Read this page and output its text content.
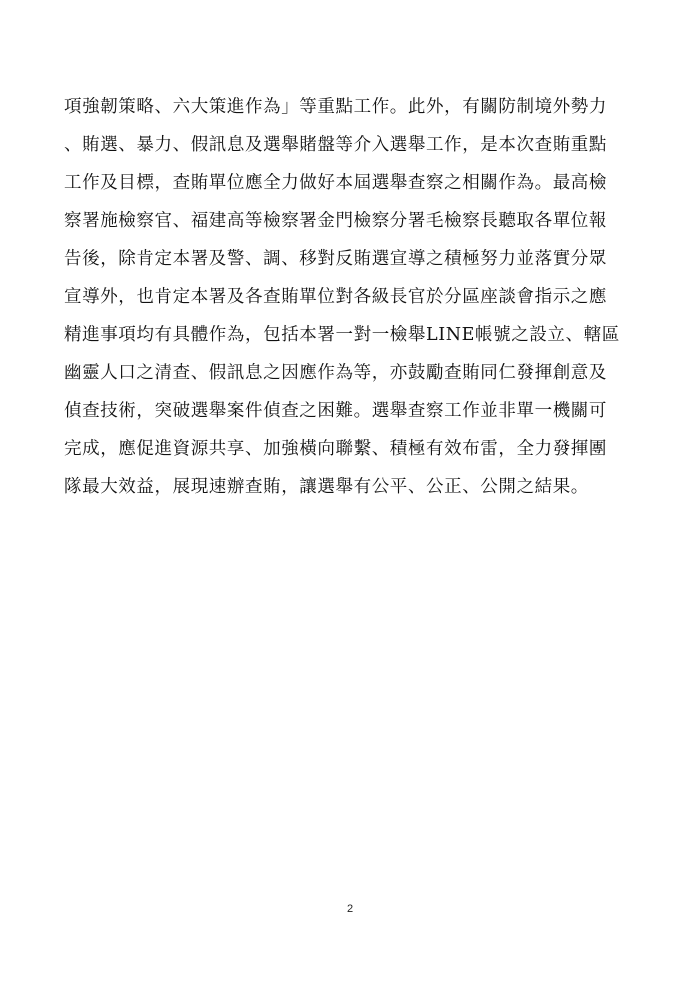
項強韌策略、六大策進作為」等重點工作。此外，有關防制境外勢力
、賄選、暴力、假訊息及選舉賭盤等介入選舉工作，是本次查賄重點
工作及目標，查賄單位應全力做好本屆選舉查察之相關作為。最高檢
察署施檢察官、福建高等檢察署金門檢察分署毛檢察長聽取各單位報
告後，除肯定本署及警、調、移對反賄選宣導之積極努力並落實分眾
宣導外，也肯定本署及各查賄單位對各級長官於分區座談會指示之應
精進事項均有具體作為，包括本署一對一檢舉LINE帳號之設立、轄區
幽靈人口之清查、假訊息之因應作為等，亦鼓勵查賄同仁發揮創意及
偵查技術，突破選舉案件偵查之困難。選舉查察工作並非單一機關可
完成，應促進資源共享、加強橫向聯繫、積極有效布雷，全力發揮團
隊最大效益，展現速辦查賄，讓選舉有公平、公正、公開之結果。
2
